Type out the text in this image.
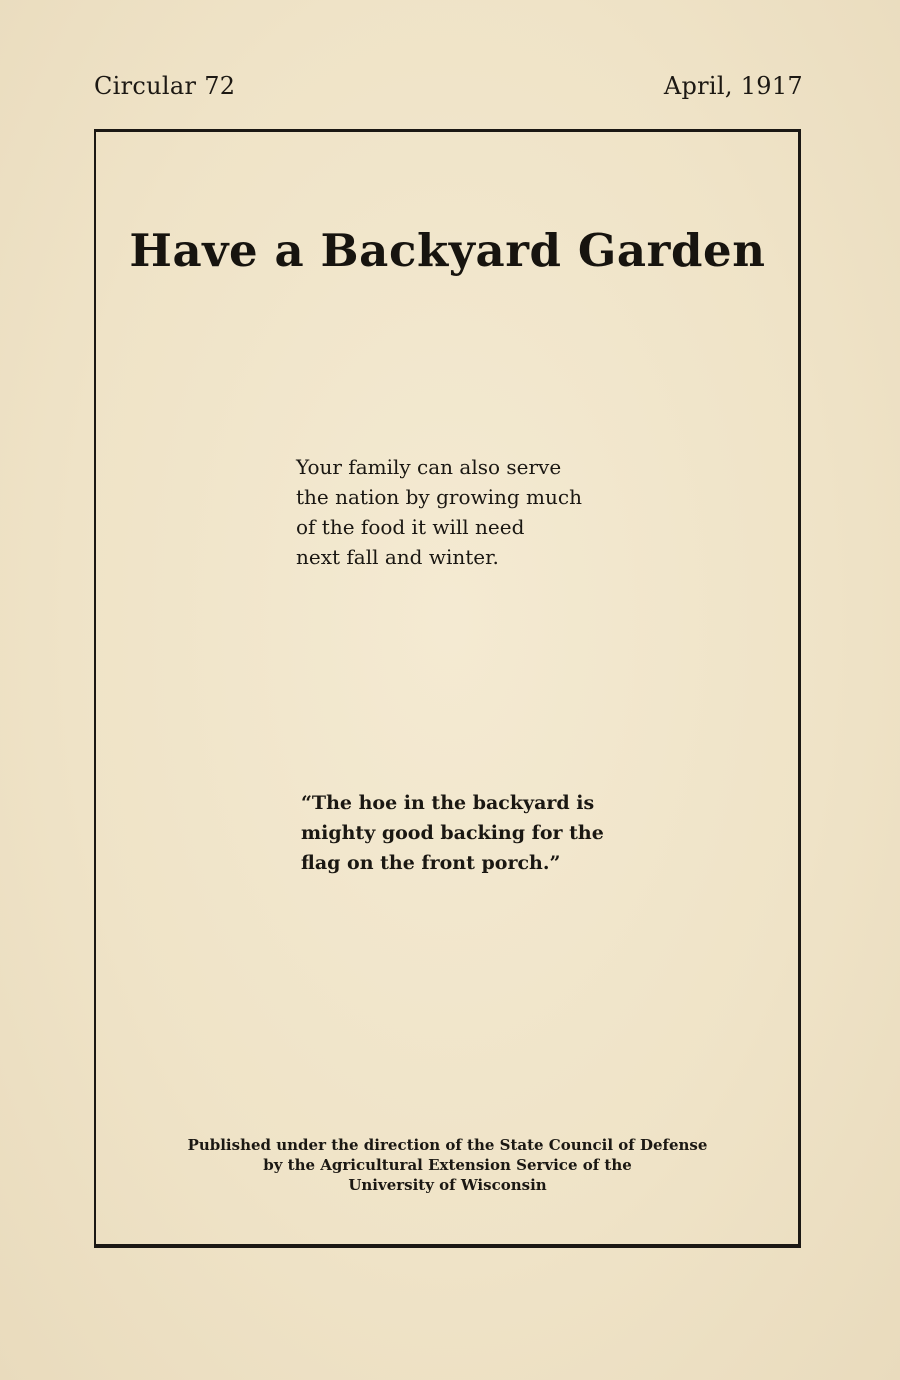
Circular 72	April, 1917
Have a Backyard Garden
Your family can also serve
the nation by growing much
of the food it will need
next fall and winter.
“The hoe in the backyard is
mighty good backing for the
flag on the front porch.”
Published under the direction of the State Council of Defense
by the Agricultural Extension Service of the
University of Wisconsin
